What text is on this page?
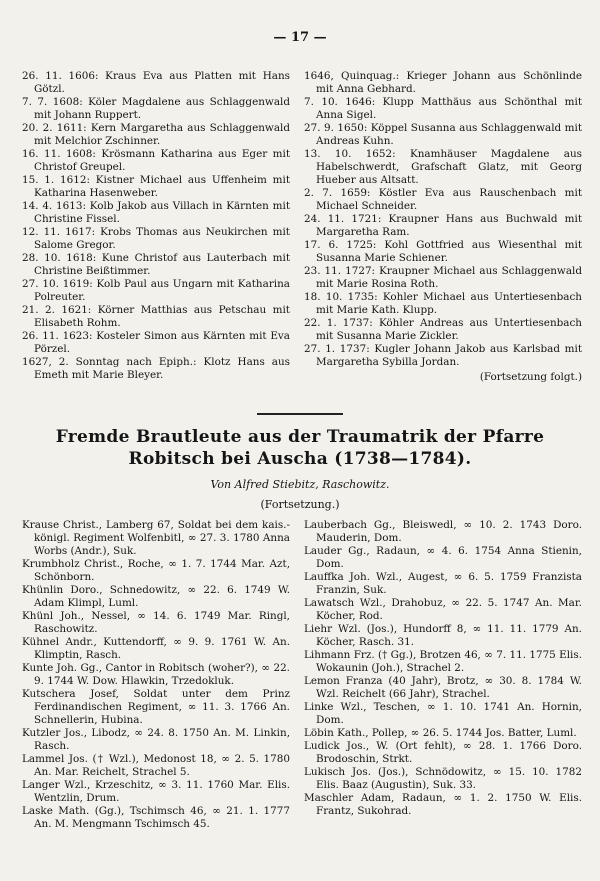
— 17 —

26. 11. 1606: Kraus Eva aus Platten mit Hans Götzl.

7. 7. 1608: Köler Magdalene aus Schlaggenwald mit Johann Ruppert.

20. 2. 1611: Kern Margaretha aus Schlaggenwald mit Melchior Zschinner.

16. 11. 1608: Krösmann Katharina aus Eger mit Christof Greupel.

15. 1. 1612: Kistner Michael aus Uffenheim mit Katharina Hasenweber.

14. 4. 1613: Kolb Jakob aus Villach in Kärnten mit Christine Fissel.

12. 11. 1617: Krobs Thomas aus Neukirchen mit Salome Gregor.

28. 10. 1618: Kune Christof aus Lauterbach mit Christine Beißtimmer.

27. 10. 1619: Kolb Paul aus Ungarn mit Katharina Polreuter.

21. 2. 1621: Körner Matthias aus Petschau mit Elisabeth Rohm.

26. 11. 1623: Kosteler Simon aus Kärnten mit Eva Pörzel.

1627, 2. Sonntag nach Epiph.: Klotz Hans aus Emeth mit Marie Bleyer.

1646, Quinquag.: Krieger Johann aus Schönlinde mit Anna Gebhard.

7. 10. 1646: Klupp Matthäus aus Schönthal mit Anna Sigel.

27. 9. 1650: Köppel Susanna aus Schlaggenwald mit Andreas Kuhn.

13. 10. 1652: Knamhäuser Magdalene aus Habelschwerdt, Grafschaft Glatz, mit Georg Hueber aus Altsatt.

2. 7. 1659: Köstler Eva aus Rauschenbach mit Michael Schneider.

24. 11. 1721: Kraupner Hans aus Buchwald mit Margaretha Ram.

17. 6. 1725: Kohl Gottfried aus Wiesenthal mit Susanna Marie Schiener.

23. 11. 1727: Kraupner Michael aus Schlaggenwald mit Marie Rosina Roth.

18. 10. 1735: Kohler Michael aus Untertiesenbach mit Marie Kath. Klupp.

22. 1. 1737: Köhler Andreas aus Untertiesenbach mit Susanna Marie Zickler.

27. 1. 1737: Kugler Johann Jakob aus Karlsbad mit Margaretha Sybilla Jordan.

(Fortsetzung folgt.)
Fremde Brautleute aus der Traumatrik der Pfarre Robitsch bei Auscha (1738—1784).
Von Alfred Stiebitz, Raschowitz.
(Fortsetzung.)

Krause Christ., Lamberg 67, Soldat bei dem kais.-königl. Regiment Wolfenbitl, ∞ 27. 3. 1780 Anna Worbs (Andr.), Suk.

Krumbholz Christ., Roche, ∞ 1. 7. 1744 Mar. Azt, Schönborn.

Khünlin Doro., Schnedowitz, ∞ 22. 6. 1749 W. Adam Klimpl, Luml.

Khünl Joh., Nessel, ∞ 14. 6. 1749 Mar. Ringl, Raschowitz.

Kühnel Andr., Kuttendorff, ∞ 9. 9. 1761 W. An. Klimptin, Rasch.

Kunte Joh. Gg., Cantor in Robitsch (woher?), ∞ 22. 9. 1744 W. Dow. Hlawkin, Trzedokluk.

Kutschera Josef, Soldat unter dem Prinz Ferdinandischen Regiment, ∞ 11. 3. 1766 An. Schnellerin, Hubina.

Kutzler Jos., Libodz, ∞ 24. 8. 1750 An. M. Linkin, Rasch.

Lammel Jos. († Wzl.), Medonost 18, ∞ 2. 5. 1780 An. Mar. Reichelt, Strachel 5.

Langer Wzl., Krzeschitz, ∞ 3. 11. 1760 Mar. Elis. Wentzlin, Drum.

Laske Math. (Gg.), Tschimsch 46, ∞ 21. 1. 1777 An. M. Mengmann Tschimsch 45.

Lauberbach Gg., Bleiswedl, ∞ 10. 2. 1743 Doro. Mauderin, Dom.

Lauder Gg., Radaun, ∞ 4. 6. 1754 Anna Stienin, Dom.

Lauffka Joh. Wzl., Augest, ∞ 6. 5. 1759 Franzista Franzin, Suk.

Lawatsch Wzl., Drahobuz, ∞ 22. 5. 1747 An. Mar. Köcher, Rod.

Liehr Wzl. (Jos.), Hundorff 8, ∞ 11. 11. 1779 An. Köcher, Rasch. 31.

Lihmann Frz. († Gg.), Brotzen 46, ∞ 7. 11. 1775 Elis. Wokaunin (Joh.), Strachel 2.

Lemon Franza (40 Jahr), Brotz, ∞ 30. 8. 1784 W. Wzl. Reichelt (66 Jahr), Strachel.

Linke Wzl., Teschen, ∞ 1. 10. 1741 An. Hornin, Dom.

Löbin Kath., Pollep, ∞ 26. 5. 1744 Jos. Batter, Luml.

Ludick Jos., W. (Ort fehlt), ∞ 28. 1. 1766 Doro. Brodoschin, Strkt.

Lukisch Jos. (Jos.), Schnödowitz, ∞ 15. 10. 1782 Elis. Baaz (Augustin), Suk. 33.

Maschler Adam, Radaun, ∞ 1. 2. 1750 W. Elis. Frantz, Sukohrad.
